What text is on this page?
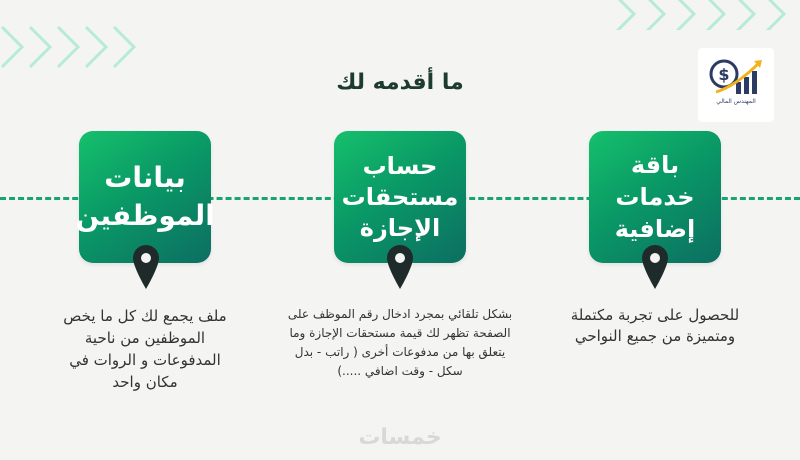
ما أقدمه لك	$
المهندس المالي
بيانات
الموظفين
ملف يجمع لك كل ما يخص الموظفين من ناحية المدفوعات و الروات في مكان واحد
حساب
مستحقات
الإجازة
بشكل تلقائي بمجرد ادخال رقم الموظف على الصفحة تظهر لك قيمة مستحقات الإجازة وما يتعلق بها من مدفوعات أخرى ( راتب - بدل سكل - وقت اضافي .....)
باقة
خدمات
إضافية
للحصول على تجربة مكتملة ومتميزة من جميع النواحي
خمسات
